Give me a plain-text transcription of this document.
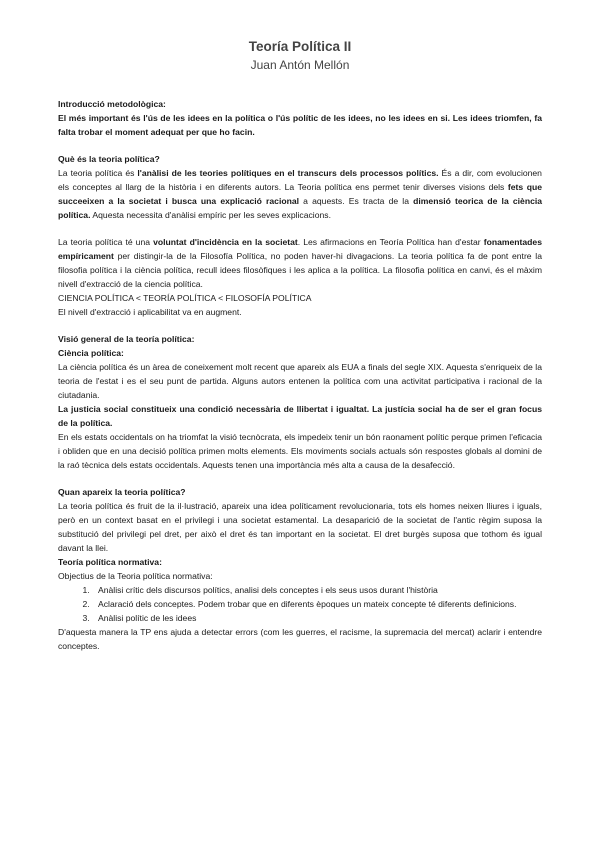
Teoría Política II
Juan Antón Mellón

Introducció metodològica:

El més important és l'ús de les idees en la política o l'ús polític de les idees, no les idees en si. Les idees triomfen, fa falta trobar el moment adequat per que ho facin.

Què és la teoria política?

La teoria política és l'anàlisi de les teories polítiques en el transcurs dels processos polítics. És a dir, com evolucionen els conceptes al llarg de la història i en diferents autors. La Teoria política ens permet tenir diverses visions dels fets que succeeixen a la societat i busca una explicació racional a aquests. Es tracta de la dimensió teorica de la ciència política. Aquesta necessita d'anàlisi empíric per les seves explicacions.

La teoria política té una voluntat d'incidència en la societat. Les afirmacions en Teoría Política han d'estar fonamentades empíricament per distingir-la de la Filosofía Política, no poden haver-hi divagacions. La teoria política fa de pont entre la filosofia política i la ciència política, recull idees filosòfiques i les aplica a la política. La filosofia política en canvi, és el màxim nivell d'extracció de la ciencia política.

CIENCIA POLÍTICA < TEORÍA POLÍTICA < FILOSOFÍA POLÍTICA

El nivell d'extracció i aplicabilitat va en augment.

Visió general de la teoría política:

Ciència política:

La ciència política és un àrea de coneixement molt recent que apareix als EUA a finals del segle XIX. Aquesta s'enriqueix de la teoria de l'estat i es el seu punt de partida. Alguns autors entenen la política com una activitat participativa i racional de la ciutadania.

La justicia social constitueix una condició necessària de llibertat i igualtat. La justícia social ha de ser el gran focus de la política.

En els estats occidentals on ha triomfat la visió tecnòcrata, els impedeix tenir un bón raonament polític perque primen l'eficacia i obliden que en una decisió política primen molts elements. Els moviments socials actuals són respostes globals al domini de la raó tècnica dels estats occidentals. Aquests tenen una importància més alta a causa de la desafecció.

Quan apareix la teoria política?

La teoria política és fruit de la il·lustració, apareix una idea políticament revolucionaria, tots els homes neixen lliures i iguals, però en un context basat en el privilegi i una societat estamental. La desaparició de la societat de l'antic règim suposa la substitució del privilegi pel dret, per això el dret és tan important en la societat. El dret burgès suposa que tothom és igual davant la llei.

Teoría política normativa:

Objectius de la Teoria política normativa:

1. Anàlisi crític dels discursos polítics, analisi dels conceptes i els seus usos durant l'història
2. Aclaració dels conceptes. Podem trobar que en diferents èpoques un mateix concepte té diferents definicions.
3. Anàlisi polític de les idees

D'aquesta manera la TP ens ajuda a detectar errors (com les guerres, el racisme, la supremacia del mercat) aclarir i entendre conceptes.
